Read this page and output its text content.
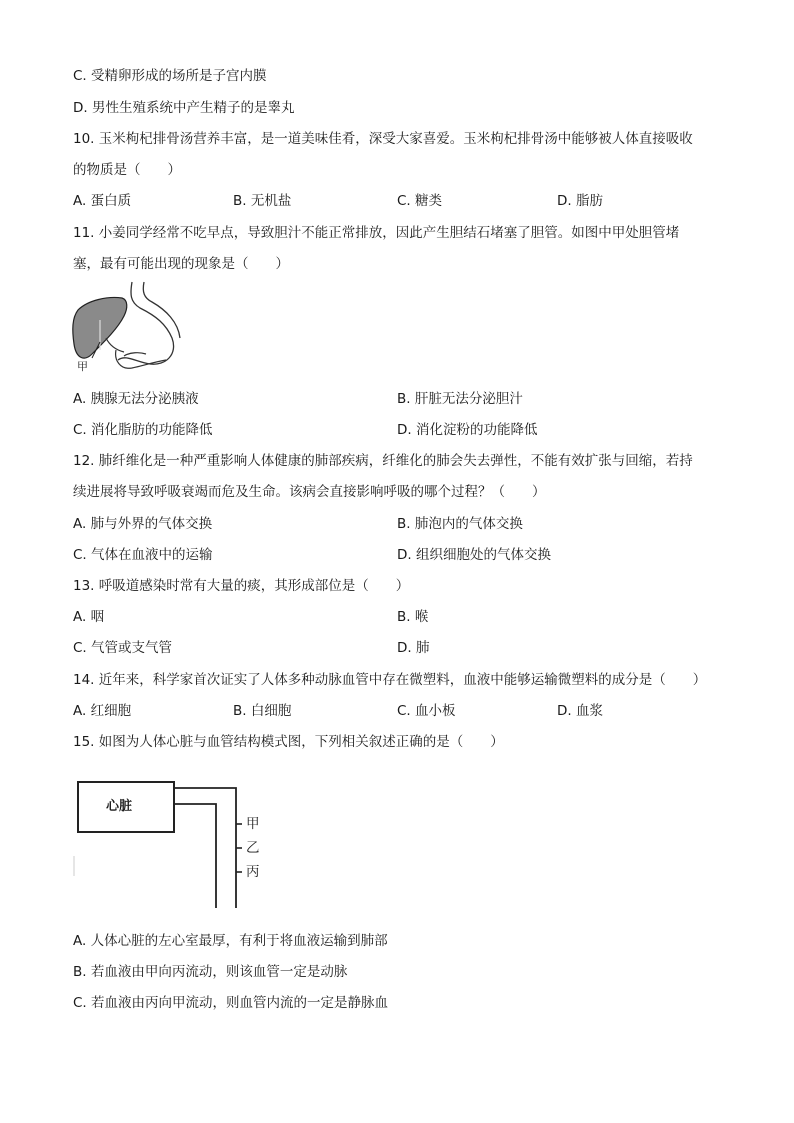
C. 受精卵形成的场所是子宫内膜
D. 男性生殖系统中产生精子的是睾丸
10. 玉米枸杞排骨汤营养丰富，是一道美味佳肴，深受大家喜爱。玉米枸杞排骨汤中能够被人体直接吸收
的物质是（　　）
A. 蛋白质	B. 无机盐	C. 糖类	D. 脂肪
11. 小姜同学经常不吃早点，导致胆汁不能正常排放，因此产生胆结石堵塞了胆管。如图中甲处胆管堵
塞，最有可能出现的现象是（　　）
甲
A. 胰腺无法分泌胰液	B. 肝脏无法分泌胆汁
C. 消化脂肪的功能降低	D. 消化淀粉的功能降低
12. 肺纤维化是一种严重影响人体健康的肺部疾病，纤维化的肺会失去弹性，不能有效扩张与回缩，若持
续进展将导致呼吸衰竭而危及生命。该病会直接影响呼吸的哪个过程？（　　）
A. 肺与外界的气体交换	B. 肺泡内的气体交换
C. 气体在血液中的运输	D. 组织细胞处的气体交换
13. 呼吸道感染时常有大量的痰，其形成部位是（　　）
A. 咽	B. 喉
C. 气管或支气管	D. 肺
14. 近年来，科学家首次证实了人体多种动脉血管中存在微塑料，血液中能够运输微塑料的成分是（　　）
A. 红细胞	B. 白细胞	C. 血小板	D. 血浆
15. 如图为人体心脏与血管结构模式图，下列相关叙述正确的是（　　）
心脏
甲
乙
丙
A. 人体心脏的左心室最厚，有利于将血液运输到肺部
B. 若血液由甲向丙流动，则该血管一定是动脉
C. 若血液由丙向甲流动，则血管内流的一定是静脉血
